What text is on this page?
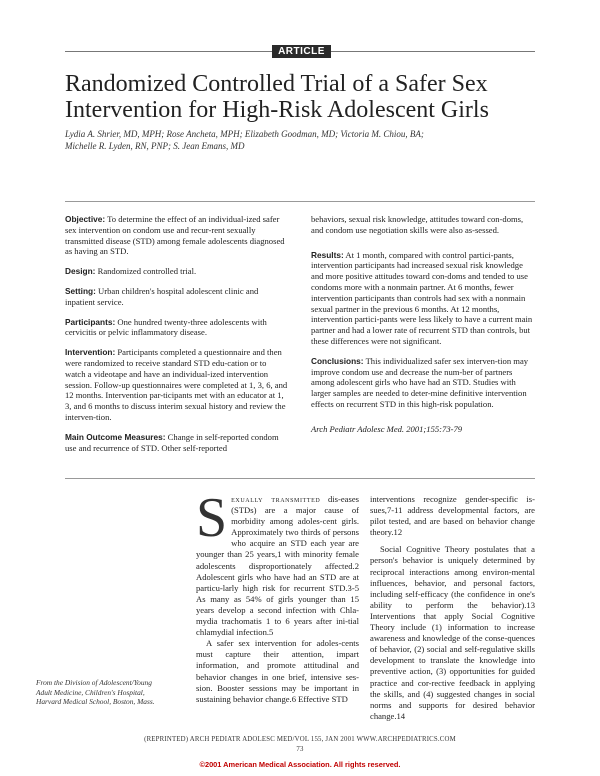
ARTICLE
Randomized Controlled Trial of a Safer Sex
Intervention for High-Risk Adolescent Girls
Lydia A. Shrier, MD, MPH; Rose Ancheta, MPH; Elizabeth Goodman, MD; Victoria M. Chiou, BA;
Michelle R. Lyden, RN, PNP; S. Jean Emans, MD

Objective: To determine the effect of an individual-ized safer sex intervention on condom use and recur-rent sexually transmitted disease (STD) among female adolescents diagnosed as having an STD.

Design: Randomized controlled trial.

Setting: Urban children's hospital adolescent clinic and inpatient service.

Participants: One hundred twenty-three adolescents with cervicitis or pelvic inflammatory disease.

Intervention: Participants completed a questionnaire and then were randomized to receive standard STD edu-cation or to watch a videotape and have an individual-ized intervention session. Follow-up questionnaires were completed at 1, 3, 6, and 12 months. Intervention par-ticipants met with an educator at 1, 3, and 6 months to discuss interim sexual history and review the interven-tion.

Main Outcome Measures: Change in self-reported condom use and recurrence of STD. Other self-reported

behaviors, sexual risk knowledge, attitudes toward con-doms, and condom use negotiation skills were also as-sessed.

Results: At 1 month, compared with control partici-pants, intervention participants had increased sexual risk knowledge and more positive attitudes toward con-doms and tended to use condoms more with a nonmain partner. At 6 months, fewer intervention participants than controls had sex with a nonmain sexual partner in the previous 6 months. At 12 months, intervention partici-pants were less likely to have a current main partner and had a lower rate of recurrent STD than controls, but these differences were not significant.

Conclusions: This individualized safer sex interven-tion may improve condom use and decrease the num-ber of partners among adolescent girls who have had an STD. Studies with larger samples are needed to deter-mine definitive intervention effects on recurrent STD in this high-risk population.

Arch Pediatr Adolesc Med. 2001;155:73-79

Sexually transmitted dis-eases (STDs) are a major cause of morbidity among adoles-cent girls. Approximately two thirds of persons who acquire an STD each year are younger than 25 years,1 with minority female adolescents disproportionately affected.2 Adolescent girls who have had an STD are at particu-larly high risk for recurrent STD.3-5 As many as 54% of girls younger than 15 years develop a second infection with Chla-mydia trachomatis 1 to 6 years after ini-tial chlamydial infection.5

A safer sex intervention for adoles-cents must capture their attention, impart information, and promote attitudinal and behavior changes in one brief, intensive ses-sion. Booster sessions may be important in sustaining behavior change.6 Effective STD

interventions recognize gender-specific is-sues,7-11 address developmental factors, are pilot tested, and are based on behavior change theory.12

Social Cognitive Theory postulates that a person's behavior is uniquely determined by reciprocal interactions among environ-mental influences, behavior, and personal factors, including self-efficacy (the confidence in one's ability to perform the behavior).13 Interventions that apply Social Cognitive Theory include (1) information to increase awareness and knowledge of the conse-quences of behavior, (2) social and self-regulative skills development to translate the knowledge into preventive action, (3) opportunities for guided practice and cor-rective feedback in applying the skills, and (4) suggested changes in social norms and supports for desired behavior change.14

From the Division of Adolescent/Young Adult Medicine, Children's Hospital, Harvard Medical School, Boston, Mass.
(REPRINTED) ARCH PEDIATR ADOLESC MED/VOL 155, JAN 2001 WWW.ARCHPEDIATRICS.COM
73
©2001 American Medical Association. All rights reserved.
